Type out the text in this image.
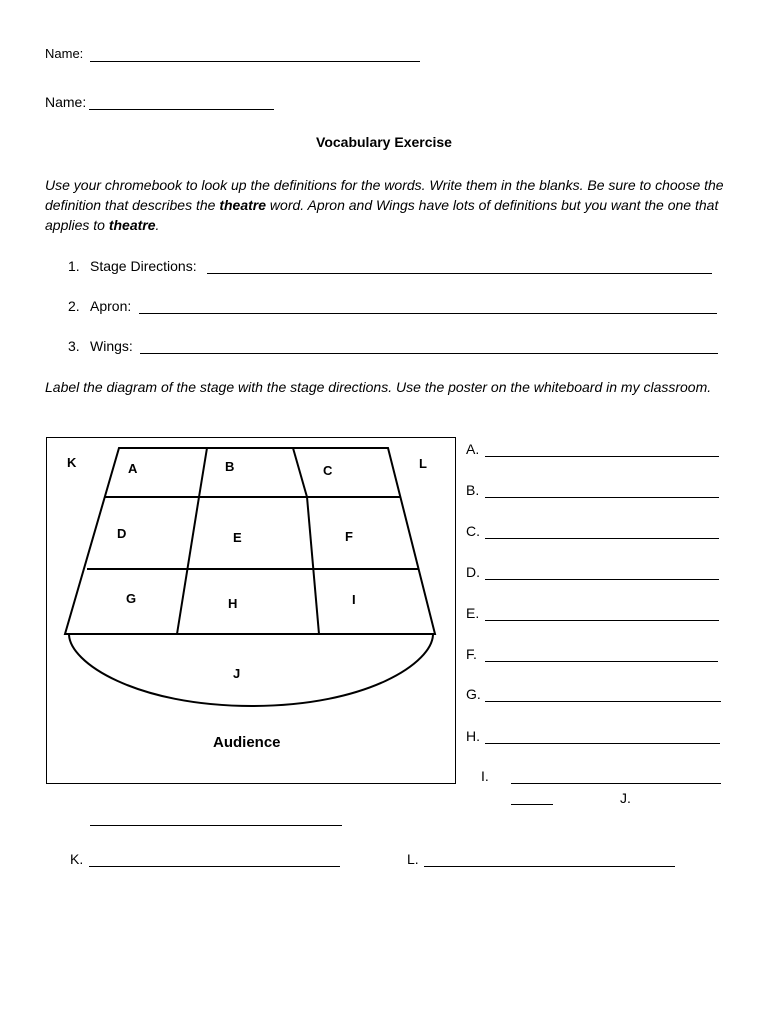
Name:
Name:
Vocabulary Exercise
Use your chromebook to look up the definitions for the words. Write them in the blanks. Be sure to choose the definition that describes the theatre word. Apron and Wings have lots of definitions but you want the one that applies to theatre.
1. Stage Directions:
2. Apron:
3. Wings:
Label the diagram of the stage with the stage directions. Use the poster on the whiteboard in my classroom.
K	A	B	C	L
D	E	F
G	H	I
J
Audience
A.
B.
C.
D.
E.
F.
G.
H.
I.
J.
K.	L.
